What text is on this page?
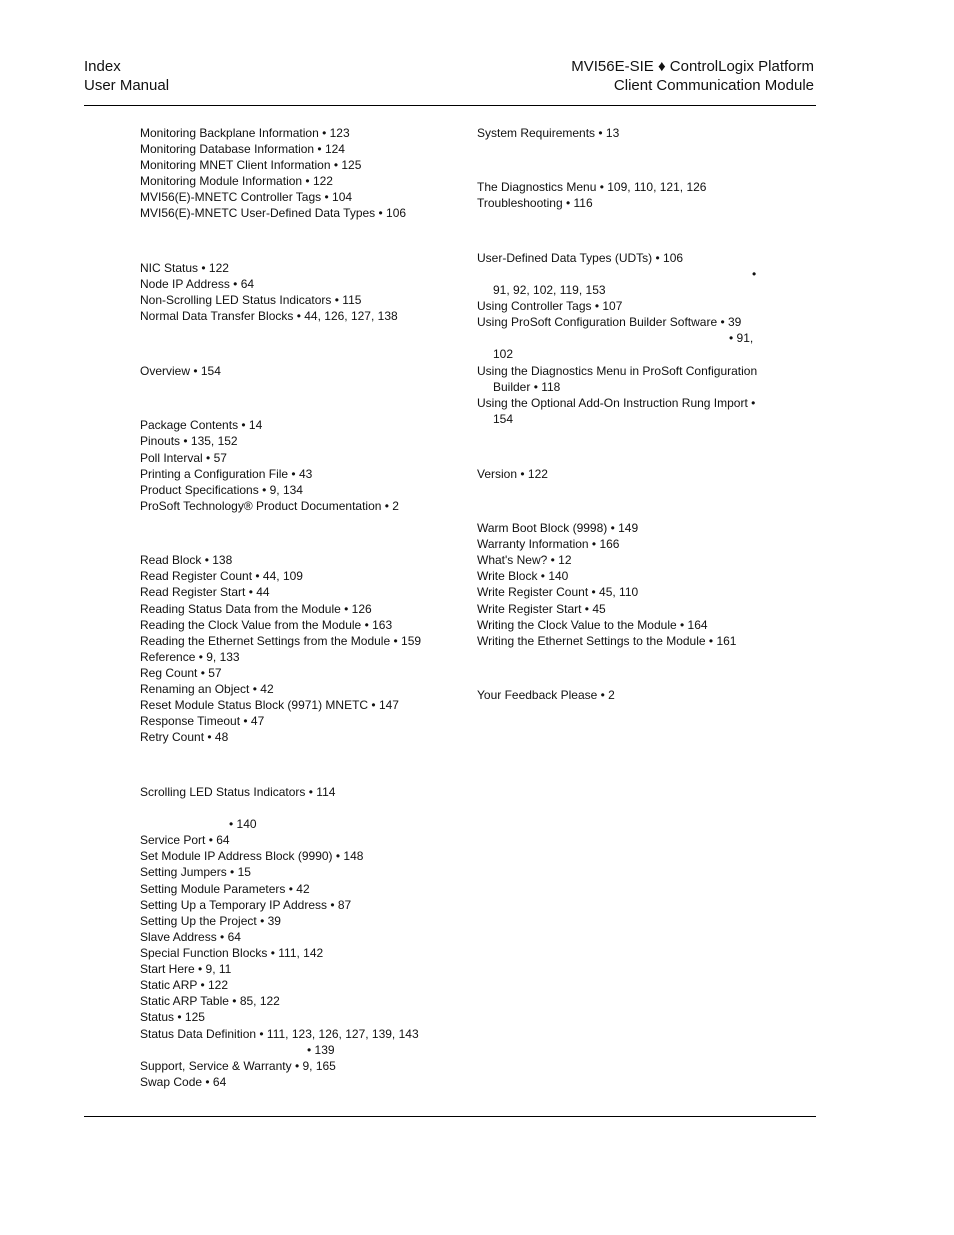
Index
User Manual
MVI56E-SIE ♦ ControlLogix Platform
Client Communication Module
Monitoring Backplane Information • 123
Monitoring Database Information • 124
Monitoring MNET Client Information • 125
Monitoring Module Information • 122
MVI56(E)-MNETC Controller Tags • 104
MVI56(E)-MNETC User-Defined Data Types • 106
NIC Status • 122
Node IP Address • 64
Non-Scrolling LED Status Indicators • 115
Normal Data Transfer Blocks • 44, 126, 127, 138
Overview • 154
Package Contents • 14
Pinouts • 135, 152
Poll Interval • 57
Printing a Configuration File • 43
Product Specifications • 9, 134
ProSoft Technology® Product Documentation • 2
Read Block • 138
Read Register Count • 44, 109
Read Register Start • 44
Reading Status Data from the Module • 126
Reading the Clock Value from the Module • 163
Reading the Ethernet Settings from the Module • 159
Reference • 9, 133
Reg Count • 57
Renaming an Object • 42
Reset Module Status Block (9971) MNETC • 147
Response Timeout • 47
Retry Count • 48
Scrolling LED Status Indicators • 114
• 140
Service Port • 64
Set Module IP Address Block (9990) • 148
Setting Jumpers • 15
Setting Module Parameters • 42
Setting Up a Temporary IP Address • 87
Setting Up the Project • 39
Slave Address • 64
Special Function Blocks • 111, 142
Start Here • 9, 11
Static ARP • 122
Static ARP Table • 85, 122
Status • 125
Status Data Definition • 111, 123, 126, 127, 139, 143
• 139
Support, Service & Warranty • 9, 165
Swap Code • 64
System Requirements • 13
The Diagnostics Menu • 109, 110, 121, 126
Troubleshooting • 116
User-Defined Data Types (UDTs) • 106
•
91, 92, 102, 119, 153
Using Controller Tags • 107
Using ProSoft Configuration Builder Software • 39
• 91,
102
Using the Diagnostics Menu in ProSoft Configuration
Builder • 118
Using the Optional Add-On Instruction Rung Import •
154
Version • 122
Warm Boot Block (9998) • 149
Warranty Information • 166
What's New? • 12
Write Block • 140
Write Register Count • 45, 110
Write Register Start • 45
Writing the Clock Value to the Module • 164
Writing the Ethernet Settings to the Module • 161
Your Feedback Please • 2
